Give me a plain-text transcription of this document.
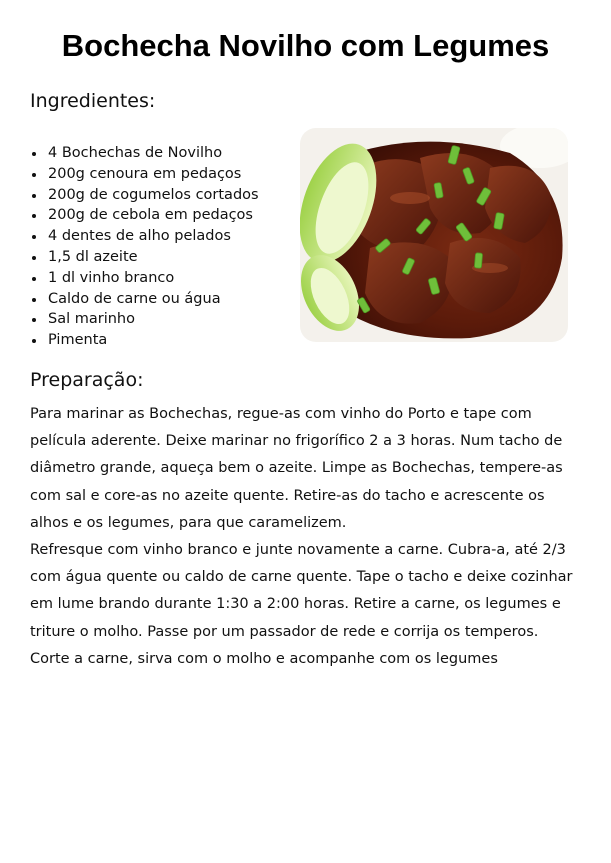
Bochecha Novilho com Legumes
Ingredientes:
4 Bochechas de Novilho
200g cenoura em pedaços
200g de cogumelos cortados
200g de cebola em pedaços
4 dentes de alho pelados
1,5 dl azeite
1 dl vinho branco
Caldo de carne ou água
Sal marinho
Pimenta
Preparação:

Para marinar as Bochechas, regue-as com vinho do Porto e tape com película aderente. Deixe marinar no frigorífico 2 a 3 horas. Num tacho de diâmetro grande, aqueça bem o azeite. Limpe as Bochechas, tempere-as com sal e core-as no azeite quente. Retire-as do tacho e acrescente os alhos e os legumes, para que caramelizem.

Refresque com vinho branco e junte novamente a carne. Cubra-a, até 2/3 com água quente ou caldo de carne quente. Tape o tacho e deixe cozinhar em lume brando durante 1:30 a 2:00 horas. Retire a carne, os legumes e triture o molho. Passe por um passador de rede e corrija os temperos.

Corte a carne, sirva com o molho e acompanhe com os legumes
